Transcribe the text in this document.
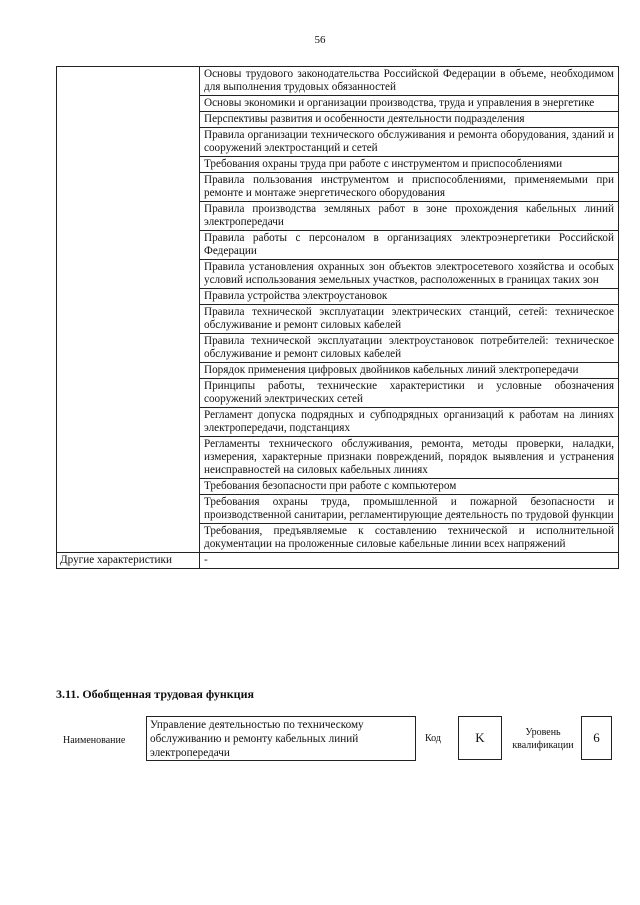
56
	Основы трудового законодательства Российской Федерации в объеме, необходимом для выполнения трудовых обязанностей
	Основы экономики и организации производства, труда и управления в энергетике
	Перспективы развития и особенности деятельности подразделения
	Правила организации технического обслуживания и ремонта оборудования, зданий и сооружений электростанций и сетей
	Требования охраны труда при работе с инструментом и приспособлениями
	Правила пользования инструментом и приспособлениями, применяемыми при ремонте и монтаже энергетического оборудования
	Правила производства земляных работ в зоне прохождения кабельных линий электропередачи
	Правила работы с персоналом в организациях электроэнергетики Российской Федерации
	Правила установления охранных зон объектов электросетевого хозяйства и особых условий использования земельных участков, расположенных в границах таких зон
	Правила устройства электроустановок
	Правила технической эксплуатации электрических станций, сетей: техническое обслуживание и ремонт силовых кабелей
	Правила технической эксплуатации электроустановок потребителей: техническое обслуживание и ремонт силовых кабелей
	Порядок применения цифровых двойников кабельных линий электропередачи
	Принципы работы, технические характеристики и условные обозначения сооружений электрических сетей
	Регламент допуска подрядных и субподрядных организаций к работам на линиях электропередачи, подстанциях
	Регламенты технического обслуживания, ремонта, методы проверки, наладки, измерения, характерные признаки повреждений, порядок выявления и устранения неисправностей на силовых кабельных линиях
	Требования безопасности при работе с компьютером
	Требования охраны труда, промышленной и пожарной безопасности и производственной санитарии, регламентирующие деятельность по трудовой функции
	Требования, предъявляемые к составлению технической и исполнительной документации на проложенные силовые кабельные линии всех напряжений
Другие характеристики	-
3.11. Обобщенная трудовая функция
Наименование
Управление деятельностью по техническому обслуживанию и ремонту кабельных линий электропередачи
Код	K	Уровень квалификации
6
